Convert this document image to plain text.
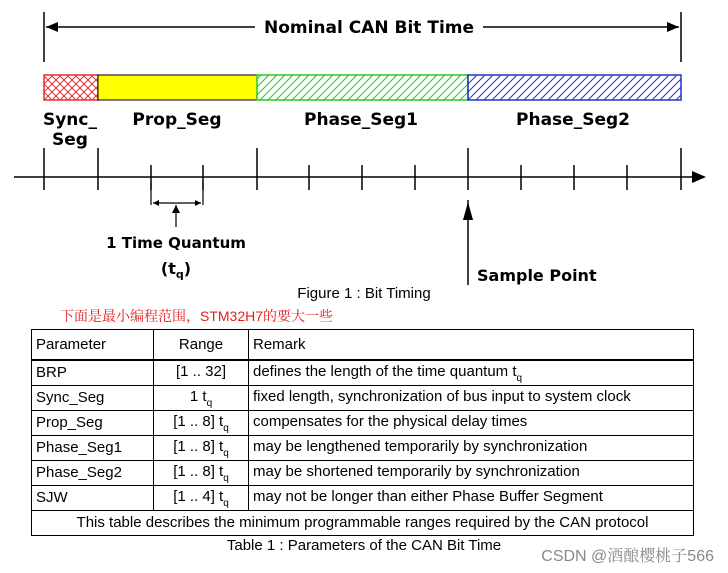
Nominal CAN Bit Time
Sync_ Seg
Prop_Seg	Phase_Seg1	Phase_Seg2
1 Time Quantum
$(t_q)$	Sample Point
Figure 1 : Bit Timing
下面是最小编程范围，STM32H7的要大一些
Parameter	Range	Remark
BRP	[1 .. 32]	defines the length of the time quantum $t_q$
Sync_Seg	1 $t_q$	fixed length, synchronization of bus input to system clock
Prop_Seg	[1 .. 8] $t_q$	compensates for the physical delay times
Phase_Seg1	[1 .. 8] $t_q$	may be lengthened temporarily by synchronization
Phase_Seg2	[1 .. 8] $t_q$	may be shortened temporarily by synchronization
SJW	[1 .. 4] $t_q$	may not be longer than either Phase Buffer Segment
This table describes the minimum programmable ranges required by the CAN protocol		
Table 1 : Parameters of the CAN Bit Time
CSDN @酒酿樱桃子566
